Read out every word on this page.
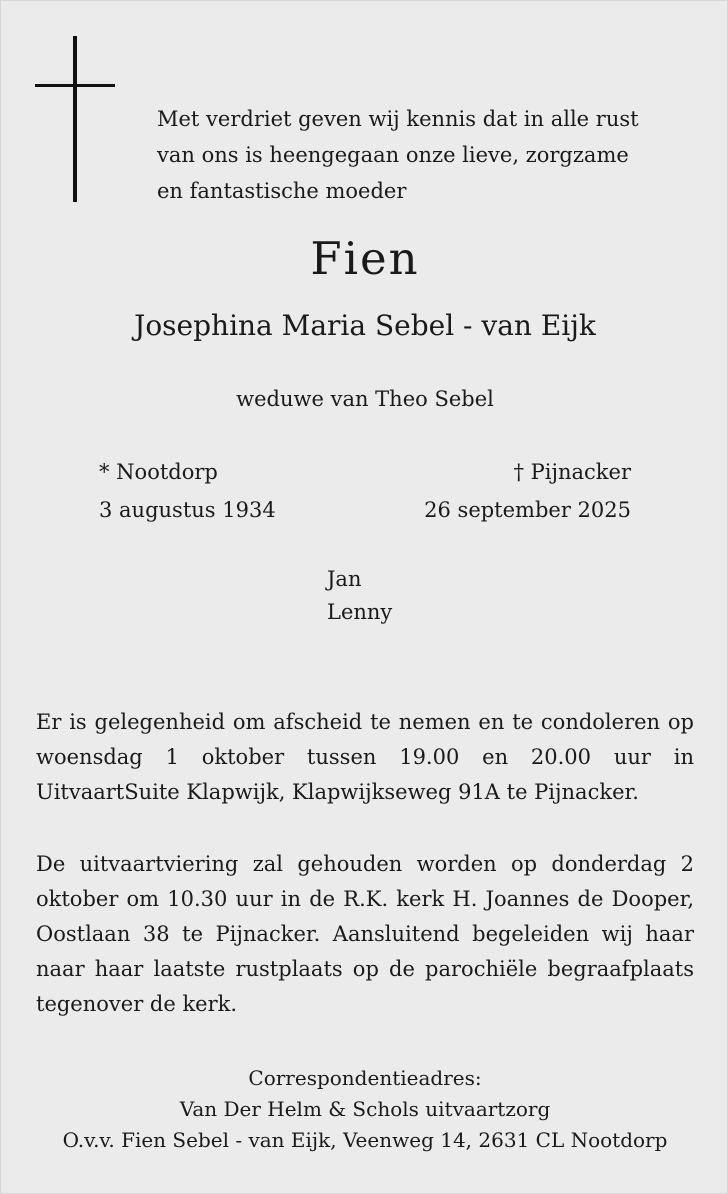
Met verdriet geven wij kennis dat in alle rust
van ons is heengegaan onze lieve, zorgzame
en fantastische moeder
Fien
Josephina Maria Sebel - van Eijk
weduwe van Theo Sebel
* Nootdorp
3 augustus 1934
† Pijnacker
26 september 2025
Jan
Lenny
Er is gelegenheid om afscheid te nemen en te condoleren op woensdag 1 oktober tussen 19.00 en 20.00 uur in UitvaartSuite Klapwijk, Klapwijkseweg 91A te Pijnacker.
De uitvaartviering zal gehouden worden op donderdag 2 oktober om 10.30 uur in de R.K. kerk H. Joannes de Dooper, Oostlaan 38 te Pijnacker. Aansluitend begeleiden wij haar naar haar laatste rustplaats op de parochiële begraafplaats tegenover de kerk.
Correspondentieadres:
Van Der Helm & Schols uitvaartzorg
O.v.v. Fien Sebel - van Eijk, Veenweg 14, 2631 CL Nootdorp
